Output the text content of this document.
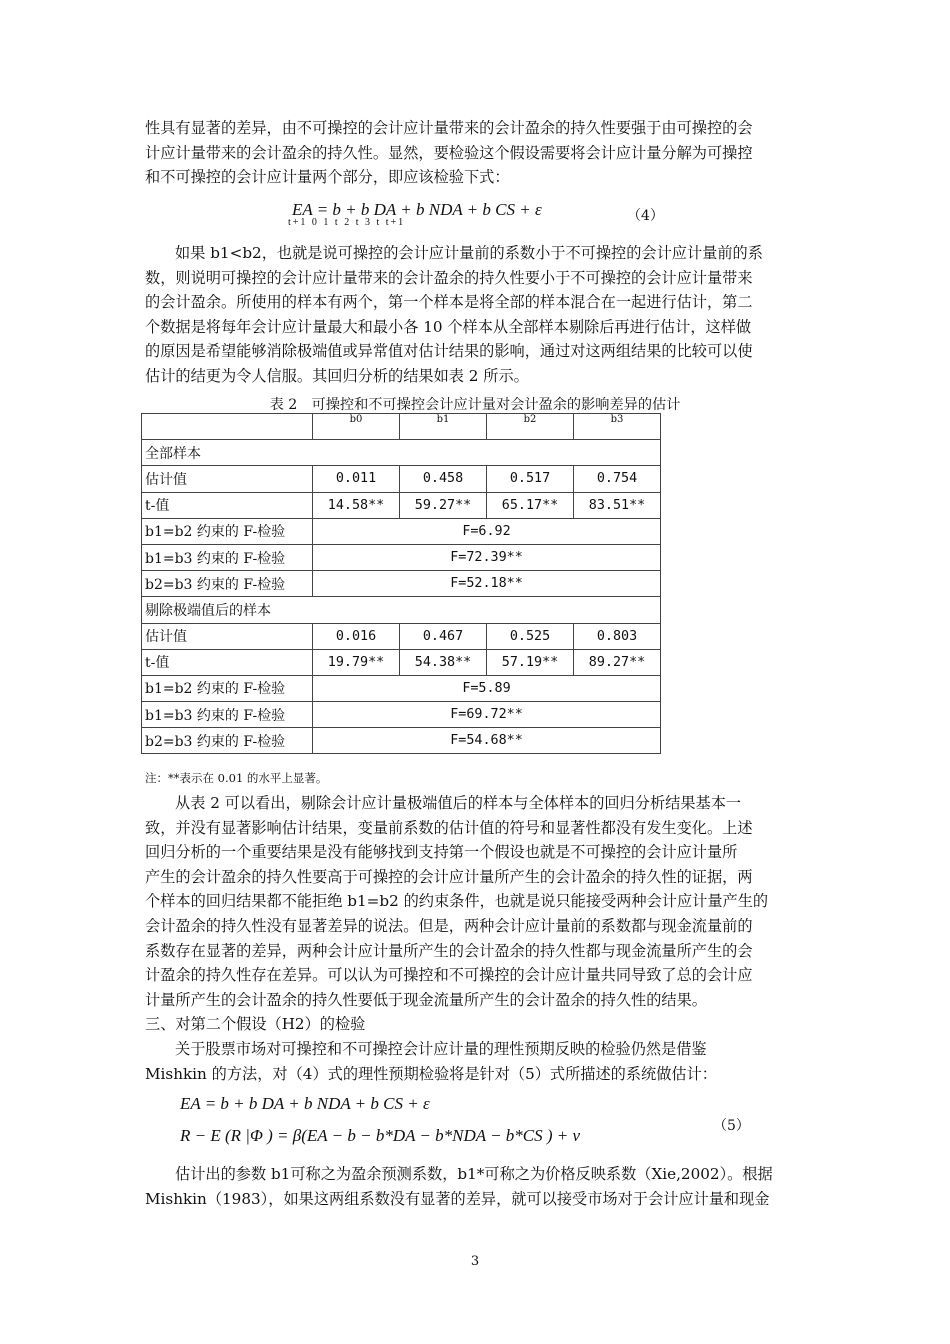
性具有显著的差异，由不可操控的会计应计量带来的会计盈余的持久性要强于由可操控的会
计应计量带来的会计盈余的持久性。显然，要检验这个假设需要将会计应计量分解为可操控
和不可操控的会计应计量两个部分，即应该检验下式：
EA = b + b DA + b NDA + b CS + ε
t+1 0 1 t 2 t 3 t t+1	（4）
如果 b1<b2，也就是说可操控的会计应计量前的系数小于不可操控的会计应计量前的系
数，则说明可操控的会计应计量带来的会计盈余的持久性要小于不可操控的会计应计量带来
的会计盈余。所使用的样本有两个，第一个样本是将全部的样本混合在一起进行估计，第二
个数据是将每年会计应计量最大和最小各 10 个样本从全部样本剔除后再进行估计，这样做
的原因是希望能够消除极端值或异常值对估计结果的影响，通过对这两组结果的比较可以使
估计的结更为令人信服。其回归分析的结果如表 2 所示。
表 2　可操控和不可操控会计应计量对会计盈余的影响差异的估计
	b0	b1	b2	b3
全部样本				
估计值	0.011	0.458	0.517	0.754
t-值	14.58**	59.27**	65.17**	83.51**
b1=b2 约束的 F-检验	F=6.92			
b1=b3 约束的 F-检验	F=72.39**			
b2=b3 约束的 F-检验	F=52.18**			
剔除极端值后的样本				
估计值	0.016	0.467	0.525	0.803
t-值	19.79**	54.38**	57.19**	89.27**
b1=b2 约束的 F-检验	F=5.89			
b1=b3 约束的 F-检验	F=69.72**			
b2=b3 约束的 F-检验	F=54.68**			
注：**表示在 0.01 的水平上显著。
从表 2 可以看出，剔除会计应计量极端值后的样本与全体样本的回归分析结果基本一
致，并没有显著影响估计结果，变量前系数的估计值的符号和显著性都没有发生变化。上述
回归分析的一个重要结果是没有能够找到支持第一个假设也就是不可操控的会计应计量所
产生的会计盈余的持久性要高于可操控的会计应计量所产生的会计盈余的持久性的证据，两
个样本的回归结果都不能拒绝 b1=b2 的约束条件，也就是说只能接受两种会计应计量产生的
会计盈余的持久性没有显著差异的说法。但是，两种会计应计量前的系数都与现金流量前的
系数存在显著的差异，两种会计应计量所产生的会计盈余的持久性都与现金流量所产生的会
计盈余的持久性存在差异。可以认为可操控和不可操控的会计应计量共同导致了总的会计应
计量所产生的会计盈余的持久性要低于现金流量所产生的会计盈余的持久性的结果。
三、对第二个假设（H2）的检验
关于股票市场对可操控和不可操控会计应计量的理性预期反映的检验仍然是借鉴
Mishkin 的方法，对（4）式的理性预期检验将是针对（5）式所描述的系统做估计：
EA = b + b DA + b NDA + b CS + ε
R − E (R |Φ ) = β(EA − b − b*DA − b*NDA − b*CS ) + ν	（5）
估计出的参数 b1可称之为盈余预测系数，b1*可称之为价格反映系数（Xie,2002）。根据
Mishkin（1983），如果这两组系数没有显著的差异，就可以接受市场对于会计应计量和现金
3
